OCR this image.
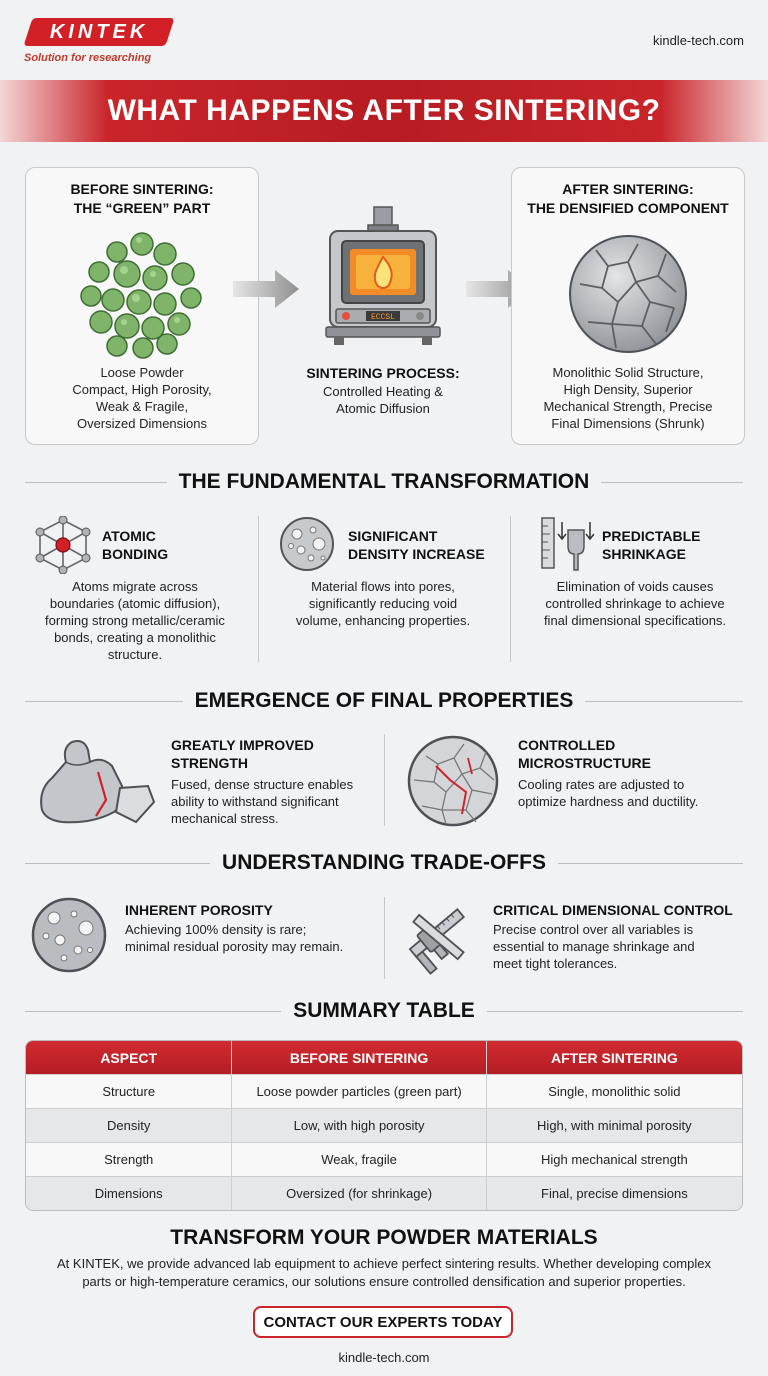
KINTEK
Solution for researching
kindle-tech.com
WHAT HAPPENS AFTER SINTERING?
BEFORE SINTERING:
THE “GREEN” PART
Loose Powder
Compact, High Porosity,
Weak & Fragile,
Oversized Dimensions
ECCSL
SINTERING PROCESS:
Controlled Heating &
Atomic Diffusion
AFTER SINTERING:
THE DENSIFIED COMPONENT
Monolithic Solid Structure,
High Density, Superior
Mechanical Strength, Precise
Final Dimensions (Shrunk)
THE FUNDAMENTAL TRANSFORMATION
ATOMIC
BONDING
Atoms migrate across
boundaries (atomic diffusion),
forming strong metallic/ceramic
bonds, creating a monolithic
structure.
SIGNIFICANT
DENSITY INCREASE
Material flows into pores,
significantly reducing void
volume, enhancing properties.
PREDICTABLE
SHRINKAGE
Elimination of voids causes
controlled shrinkage to achieve
final dimensional specifications.
EMERGENCE OF FINAL PROPERTIES
GREATLY IMPROVED
STRENGTH
Fused, dense structure enables
ability to withstand significant
mechanical stress.
CONTROLLED
MICROSTRUCTURE
Cooling rates are adjusted to
optimize hardness and ductility.
UNDERSTANDING TRADE-OFFS
INHERENT POROSITY
Achieving 100% density is rare;
minimal residual porosity may remain.
CRITICAL DIMENSIONAL CONTROL
Precise control over all variables is
essential to manage shrinkage and
meet tight tolerances.
SUMMARY TABLE
ASPECT	BEFORE SINTERING	AFTER SINTERING
Structure	Loose powder particles (green part)	Single, monolithic solid
Density	Low, with high porosity	High, with minimal porosity
Strength	Weak, fragile	High mechanical strength
Dimensions	Oversized (for shrinkage)	Final, precise dimensions
TRANSFORM YOUR POWDER MATERIALS
At KINTEK, we provide advanced lab equipment to achieve perfect sintering results. Whether developing complex
parts or high-temperature ceramics, our solutions ensure controlled densification and superior properties.
CONTACT OUR EXPERTS TODAY
kindle-tech.com
